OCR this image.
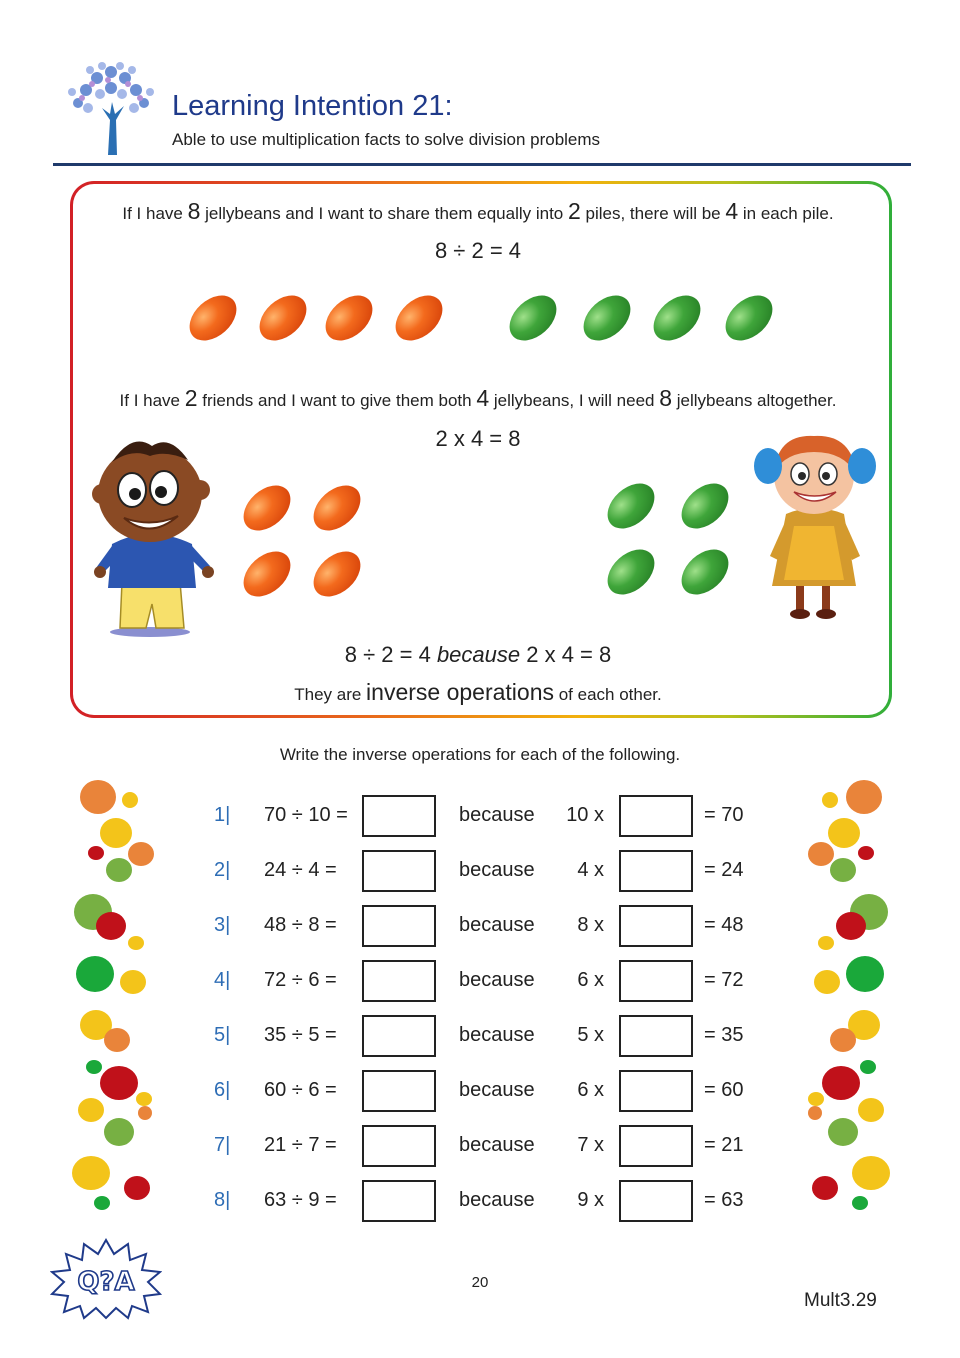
Learning Intention 21:
Able to use multiplication facts to solve division problems
If I have 8 jellybeans and I want to share them equally into 2 piles, there will be 4 in each pile.
8 ÷ 2 = 4
If I have 2 friends and I want to give them both 4 jellybeans, I will need 8 jellybeans altogether.
2 x 4 = 8
8 ÷ 2 = 4 because 2 x 4 = 8
They are inverse operations of each other.
Write the inverse operations for each of the following.
1| 70 ÷ 10 =	because	10 x	= 70
2| 24 ÷ 4 =	because	4 x	= 24
3| 48 ÷ 8 =	because	8 x	= 48
4| 72 ÷ 6 =	because	6 x	= 72
5| 35 ÷ 5 =	because	5 x	= 35
6| 60 ÷ 6 =	because	6 x	= 60
7| 21 ÷ 7 =	because	7 x	= 21
8| 63 ÷ 9 =	because	9 x	= 63
Q?A	20
Mult3.29
